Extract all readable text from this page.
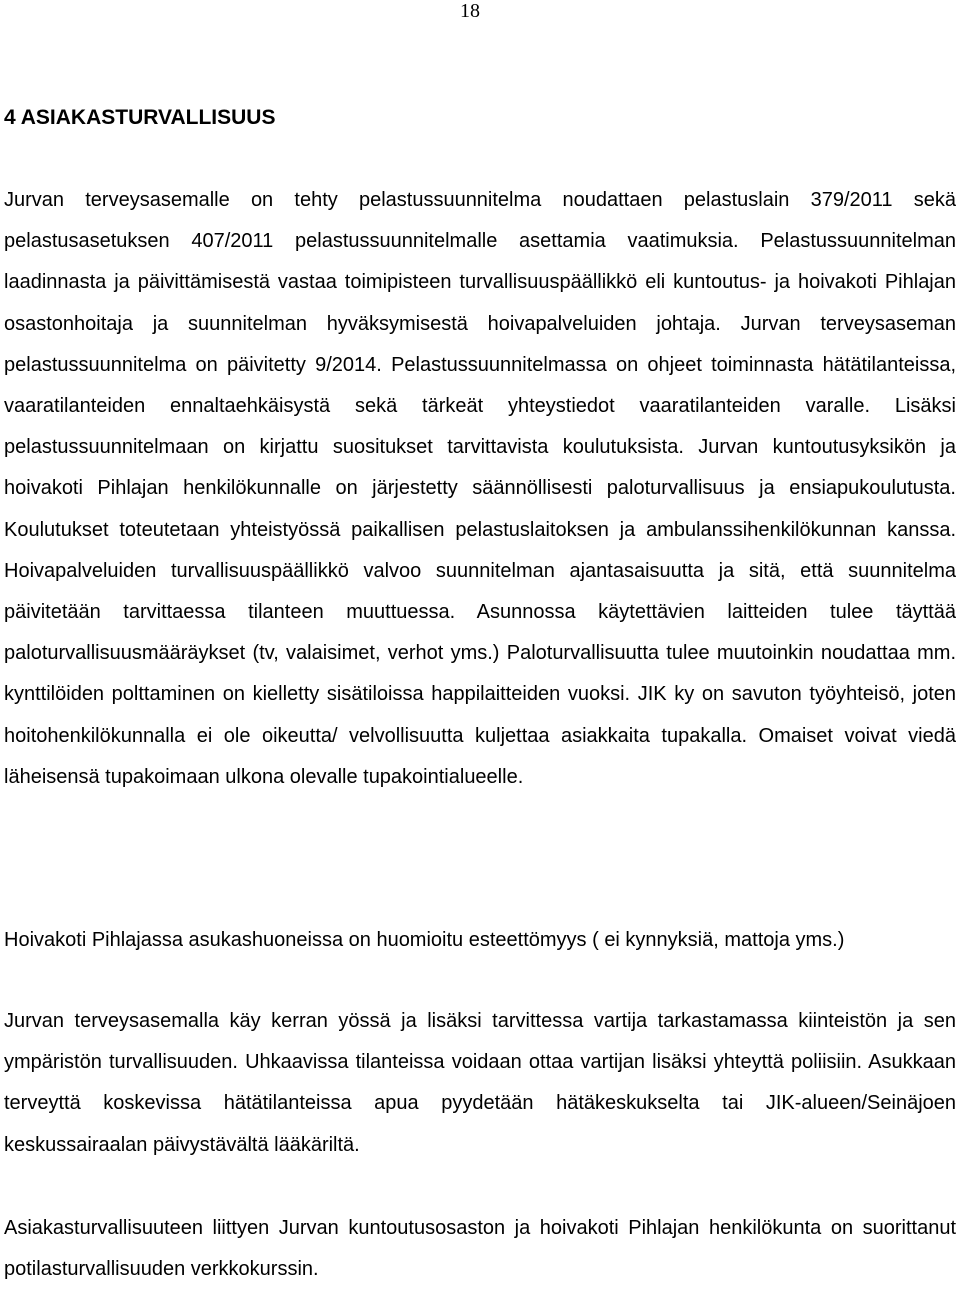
18
4 ASIAKASTURVALLISUUS

Jurvan terveysasemalle on tehty pelastussuunnitelma noudattaen pelastuslain 379/2011 sekä pelastusasetuksen 407/2011 pelastussuunnitelmalle asettamia vaatimuksia. Pelastussuunnitelman laadinnasta ja päivittämisestä vastaa toimipisteen turvallisuuspäällikkö eli kuntoutus- ja hoivakoti Pihlajan osastonhoitaja ja suunnitelman hyväksymisestä hoivapalveluiden johtaja. Jurvan terveysaseman pelastussuunnitelma on päivitetty 9/2014. Pelastussuunnitelmassa on ohjeet toiminnasta hätätilanteissa, vaaratilanteiden ennaltaehkäisystä sekä tärkeät yhteystiedot vaaratilanteiden varalle. Lisäksi pelastussuunnitelmaan on kirjattu suositukset tarvittavista koulutuksista. Jurvan kuntoutusyksikön ja hoivakoti Pihlajan henkilökunnalle on järjestetty säännöllisesti paloturvallisuus ja ensiapukoulutusta. Koulutukset toteutetaan yhteistyössä paikallisen pelastuslaitoksen ja ambulanssihenkilökunnan kanssa. Hoivapalveluiden turvallisuuspäällikkö valvoo suunnitelman ajantasaisuutta ja sitä, että suunnitelma päivitetään tarvittaessa tilanteen muuttuessa. Asunnossa käytettävien laitteiden tulee täyttää paloturvallisuusmääräykset (tv, valaisimet, verhot yms.) Paloturvallisuutta tulee muutoinkin noudattaa mm. kynttilöiden polttaminen on kielletty sisätiloissa happilaitteiden vuoksi. JIK ky on savuton työyhteisö, joten hoitohenkilökunnalla ei ole oikeutta/ velvollisuutta kuljettaa asiakkaita tupakalla. Omaiset voivat viedä läheisensä tupakoimaan ulkona olevalle tupakointialueelle.

Hoivakoti Pihlajassa asukashuoneissa on huomioitu esteettömyys ( ei kynnyksiä, mattoja yms.)

Jurvan terveysasemalla käy kerran yössä ja lisäksi tarvittessa vartija tarkastamassa kiinteistön ja sen ympäristön turvallisuuden. Uhkaavissa tilanteissa voidaan ottaa vartijan lisäksi yhteyttä poliisiin. Asukkaan terveyttä koskevissa hätätilanteissa apua pyydetään hätäkeskukselta tai JIK-alueen/Seinäjoen keskussairaalan päivystävältä lääkäriltä.

Asiakasturvallisuuteen liittyen Jurvan kuntoutusosaston ja hoivakoti Pihlajan henkilökunta on suorittanut potilasturvallisuuden verkkokurssin.
